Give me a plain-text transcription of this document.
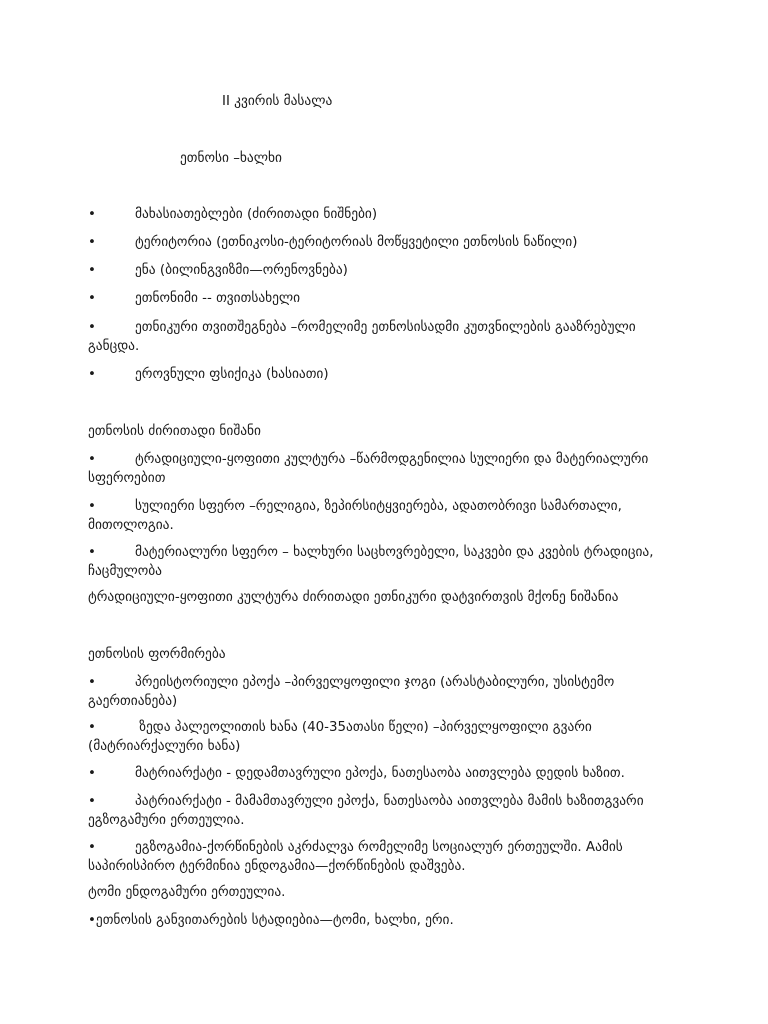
II კვირის მასალა
ეთნოსი –ხალხი
•	მახასიათებლები (ძირითადი ნიშნები)
•	ტერიტორია (ეთნიკოსი-ტერიტორიას მოწყვეტილი ეთნოსის ნაწილი)
•	ენა (ბილინგვიზმი—ორენოვნება)
•	ეთნონიმი -- თვითსახელი
•	ეთნიკური თვითშეგნება –რომელიმე ეთნოსისადმი კუთვნილების გააზრებული
განცდა.
•	ეროვნული ფსიქიკა (ხასიათი)
ეთნოსის ძირითადი ნიშანი
•	ტრადიციული-ყოფითი კულტურა –წარმოდგენილია სულიერი და მატერიალური
სფეროებით
•	სულიერი სფერო –რელიგია, ზეპირსიტყვიერება, ადათობრივი სამართალი,
მითოლოგია.
•	მატერიალური სფერო – ხალხური საცხოვრებელი, საკვები და კვების ტრადიცია,
ჩაცმულობა
ტრადიციული-ყოფითი კულტურა ძირითადი ეთნიკური დატვირთვის მქონე ნიშანია
ეთნოსის ფორმირება
•	პრეისტორიული ეპოქა –პირველყოფილი ჯოგი (არასტაბილური, უსისტემო
გაერთიანება)
•	ზედა პალეოლითის ხანა (40-35ათასი წელი) –პირველყოფილი გვარი
(მატრიარქალური ხანა)
•	მატრიარქატი - დედამთავრული ეპოქა, ნათესაობა აითვლება დედის ხაზით.
•	პატრიარქატი - მამამთავრული ეპოქა, ნათესაობა აითვლება მამის ხაზითგვარი
ეგზოგამური ერთეულია.
•	ეგზოგამია-ქორწინების აკრძალვა რომელიმე სოციალურ ერთეულში. Aამის
საპირისპირო ტერმინია ენდოგამია—ქორწინების დაშვება.
ტომი ენდოგამური ერთეულია.
•ეთნოსის განვითარების სტადიებია—ტომი, ხალხი, ერი.
